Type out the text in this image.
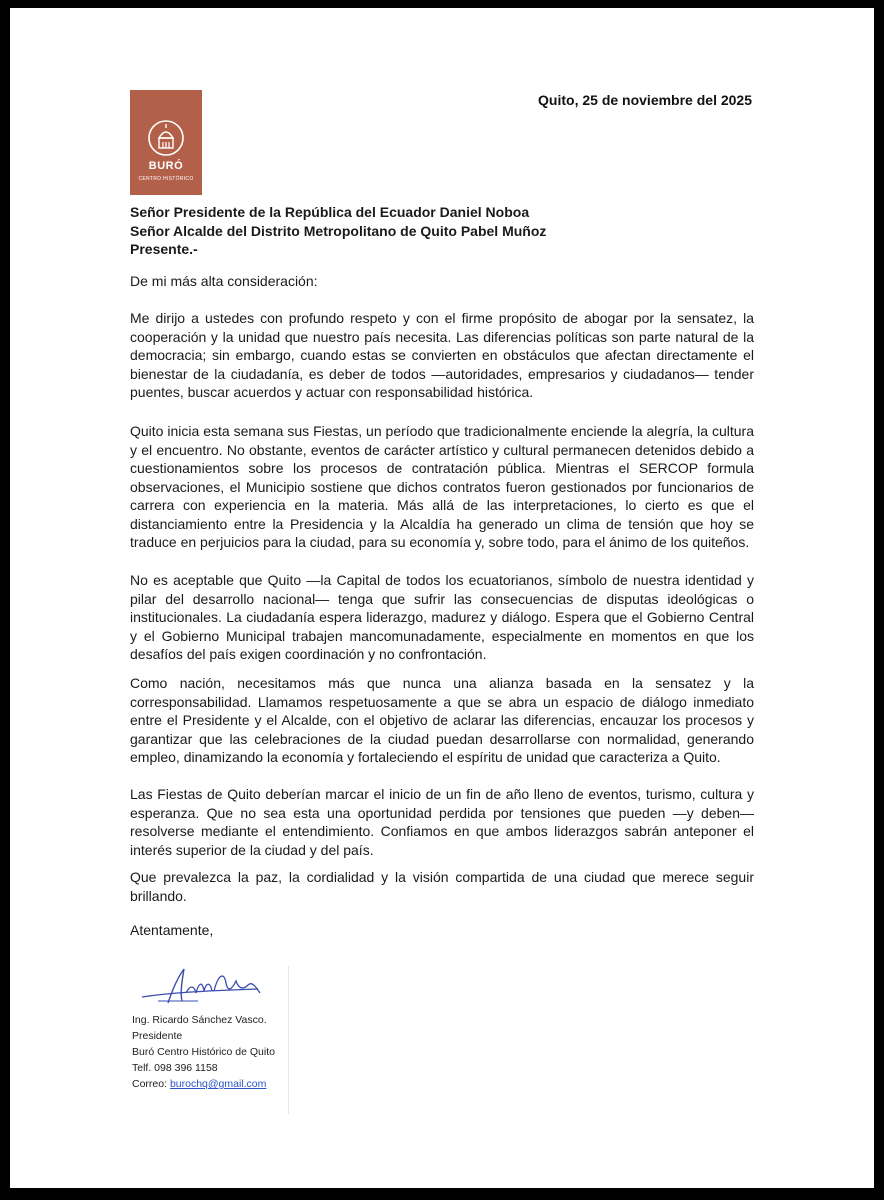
BURÓ
CENTRO HISTÓRICO
Quito, 25 de noviembre del 2025
Señor Presidente de la República del Ecuador Daniel Noboa
Señor Alcalde del Distrito Metropolitano de Quito Pabel Muñoz
Presente.-

De mi más alta consideración:

Me dirijo a ustedes con profundo respeto y con el firme propósito de abogar por la sensatez, la cooperación y la unidad que nuestro país necesita. Las diferencias políticas son parte natural de la democracia; sin embargo, cuando estas se convierten en obstáculos que afectan directamente el bienestar de la ciudadanía, es deber de todos —autoridades, empresarios y ciudadanos— tender puentes, buscar acuerdos y actuar con responsabilidad histórica.

Quito inicia esta semana sus Fiestas, un período que tradicionalmente enciende la alegría, la cultura y el encuentro. No obstante, eventos de carácter artístico y cultural permanecen detenidos debido a cuestionamientos sobre los procesos de contratación pública. Mientras el SERCOP formula observaciones, el Municipio sostiene que dichos contratos fueron gestionados por funcionarios de carrera con experiencia en la materia. Más allá de las interpretaciones, lo cierto es que el distanciamiento entre la Presidencia y la Alcaldía ha generado un clima de tensión que hoy se traduce en perjuicios para la ciudad, para su economía y, sobre todo, para el ánimo de los quiteños.

No es aceptable que Quito —la Capital de todos los ecuatorianos, símbolo de nuestra identidad y pilar del desarrollo nacional— tenga que sufrir las consecuencias de disputas ideológicas o institucionales. La ciudadanía espera liderazgo, madurez y diálogo. Espera que el Gobierno Central y el Gobierno Municipal trabajen mancomunadamente, especialmente en momentos en que los desafíos del país exigen coordinación y no confrontación.

Como nación, necesitamos más que nunca una alianza basada en la sensatez y la corresponsabilidad. Llamamos respetuosamente a que se abra un espacio de diálogo inmediato entre el Presidente y el Alcalde, con el objetivo de aclarar las diferencias, encauzar los procesos y garantizar que las celebraciones de la ciudad puedan desarrollarse con normalidad, generando empleo, dinamizando la economía y fortaleciendo el espíritu de unidad que caracteriza a Quito.

Las Fiestas de Quito deberían marcar el inicio de un fin de año lleno de eventos, turismo, cultura y esperanza. Que no sea esta una oportunidad perdida por tensiones que pueden —y deben— resolverse mediante el entendimiento. Confiamos en que ambos liderazgos sabrán anteponer el interés superior de la ciudad y del país.

Que prevalezca la paz, la cordialidad y la visión compartida de una ciudad que merece seguir brillando.

Atentamente,

Ing. Ricardo Sánchez Vasco.
Presidente
Buró Centro Histórico de Quito
Telf. 098 396 1158
Correo: burochq@gmail.com
